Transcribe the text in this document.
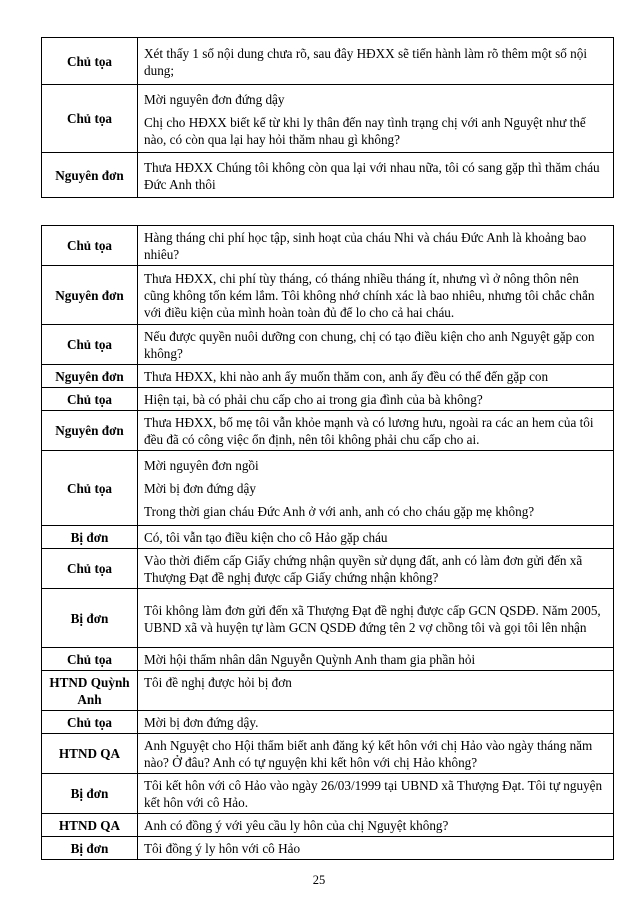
Chủ tọa	Xét thấy 1 số nội dung chưa rõ, sau đây HĐXX sẽ tiến hành làm rõ thêm một số nội dung;

Chủ tọa	Mời nguyên đơn đứng dậy
Chị cho HĐXX biết kể từ khi ly thân đến nay tình trạng chị với anh Nguyệt như thế nào, có còn qua lại hay hỏi thăm nhau gì không?

Nguyên đơn	Thưa HĐXX Chúng tôi không còn qua lại với nhau nữa, tôi có sang gặp thì thăm cháu Đức Anh thôi
Chủ tọa	Hàng tháng chi phí học tập, sinh hoạt của cháu Nhi và cháu Đức Anh là khoảng bao nhiêu?

Nguyên đơn	Thưa HĐXX, chi phí tùy tháng, có tháng nhiều tháng ít, nhưng vì ở nông thôn nên cũng không tốn kém lắm. Tôi không nhớ chính xác là bao nhiêu, nhưng tôi chắc chắn với điều kiện của mình hoàn toàn đủ để lo cho cả hai cháu.

Chủ tọa	Nếu được quyền nuôi dưỡng con chung, chị có tạo điều kiện cho anh Nguyệt gặp con không?

Nguyên đơn	Thưa HĐXX, khi nào anh ấy muốn thăm con, anh ấy đều có thể đến gặp con

Chủ tọa	Hiện tại, bà có phải chu cấp cho ai trong gia đình của bà không?

Nguyên đơn	Thưa HĐXX, bố mẹ tôi vẫn khỏe mạnh và có lương hưu, ngoài ra các an hem của tôi đều đã có công việc ổn định, nên tôi không phải chu cấp cho ai.

Chủ tọa	Mời nguyên đơn ngồi
Mời bị đơn đứng dậy
Trong thời gian cháu Đức Anh ở với anh, anh có cho cháu gặp mẹ không?

Bị đơn	Có, tôi vẫn tạo điều kiện cho cô Hảo gặp cháu

Chủ tọa	Vào thời điểm cấp Giấy chứng nhận quyền sử dụng đất, anh có làm đơn gửi đến xã Thượng Đạt đề nghị được cấp Giấy chứng nhận không?

Bị đơn	Tôi không làm đơn gửi đến xã Thượng Đạt đề nghị được cấp GCN QSDĐ. Năm 2005, UBND xã và huyện tự làm GCN QSDĐ đứng tên 2 vợ chồng tôi và gọi tôi lên nhận

Chủ tọa	Mời hội thẩm nhân dân Nguyễn Quỳnh Anh tham gia phần hỏi

HTND Quỳnh Anh	Tôi đề nghị được hỏi bị đơn

Chủ tọa	Mời bị đơn đứng dậy.

HTND QA	Anh Nguyệt cho Hội thẩm biết anh đăng ký kết hôn với chị Hảo vào ngày tháng năm nào? Ở đâu? Anh có tự nguyện khi kết hôn với chị Hảo không?

Bị đơn	Tôi kết hôn với cô Hảo vào ngày 26/03/1999 tại UBND xã Thượng Đạt. Tôi tự nguyện kết hôn với cô Hảo.

HTND QA	Anh có đồng ý với yêu cầu ly hôn của chị Nguyệt không?

Bị đơn	Tôi đồng ý ly hôn với cô Hảo
25
